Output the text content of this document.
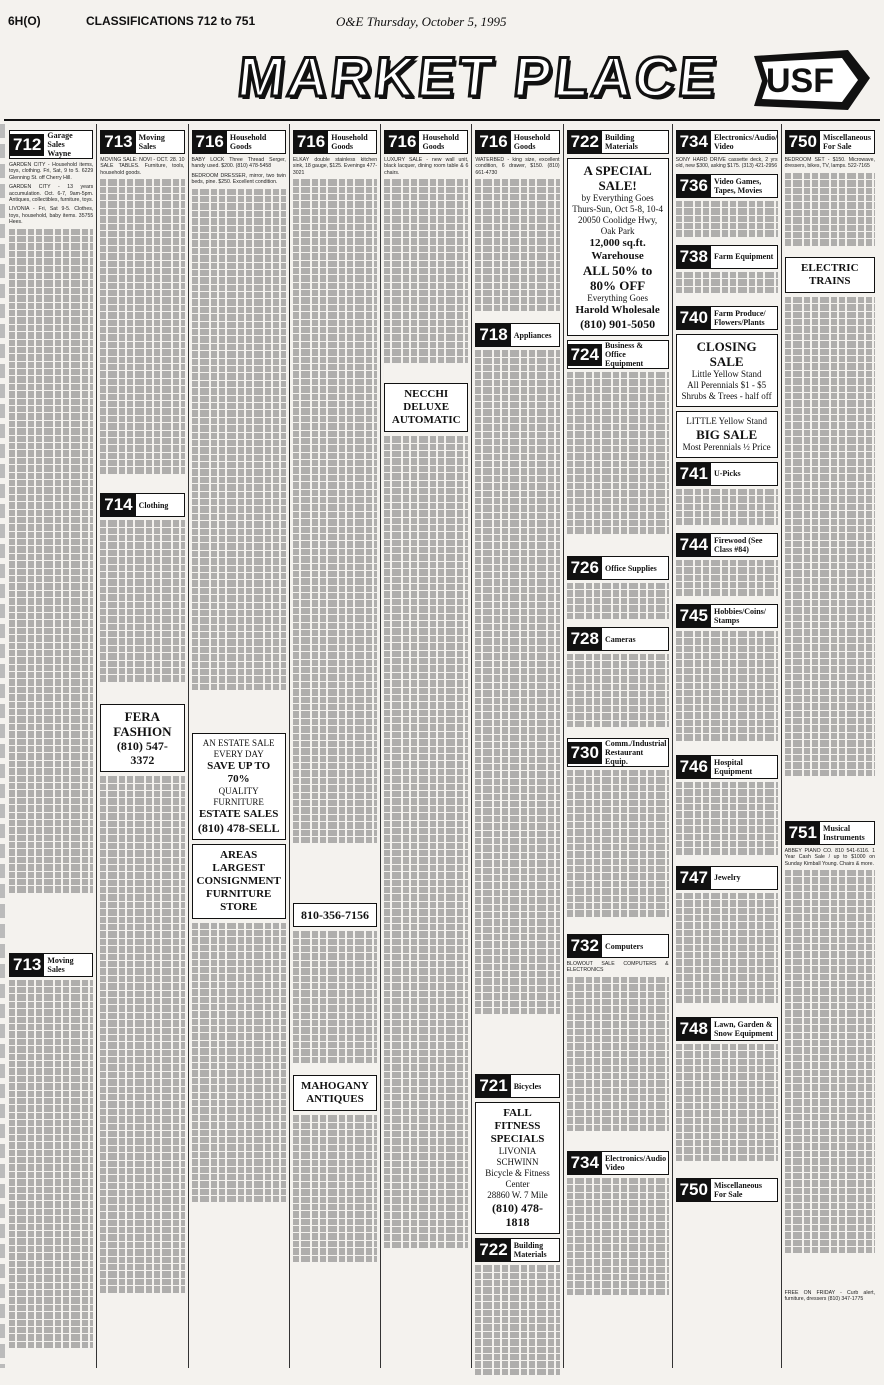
6H(O)	CLASSIFICATIONS 712 to 751	O&E Thursday, October 5, 1995
MARKET PLACE USF
712 Garage Sales Wayne

GARDEN CITY - Household items, toys, clothing. Fri, Sat, 9 to 5. 6229 Glenning St. off Cherry Hill.

GARDEN CITY - 13 years accumulation. Oct. 6-7, 9am-5pm. Antiques, collectibles, furniture, toys.

LIVONIA - Fri, Sat 9-5. Clothes, toys, household, baby items. 35755 Hees.

713 Moving Sales
713 Moving Sales

MOVING SALE: NOVI - OCT. 28. 10 SALE TABLES. Furniture, tools, household goods.

714 Clothing
FERA FASHION
(810) 547-3372
716 Household Goods

BABY LOCK Three Thread Serger, handy used. $200. (810) 478-5458

BEDROOM DRESSER, mirror, two twin beds, pine. $250. Excellent condition.

AN ESTATE SALE
EVERY DAY
SAVE UP TO 70%
QUALITY FURNITURE
ESTATE SALES
(810) 478-SELL
AREAS LARGEST
CONSIGNMENT
FURNITURE STORE
716 Household Goods

ELKAY double stainless kitchen sink, 18 gauge, $125. Evenings 477-3021

810-356-7156
MAHOGANY
ANTIQUES
716 Household Goods

LUXURY SALE - new wall unit, black lacquer, dining room table & 6 chairs.

NECCHI DELUXE
AUTOMATIC
716 Household Goods

WATERBED - king size, excellent condition, 6 drawer, $150. (810) 661-4730

718 Appliances
721 Bicycles
FALL FITNESS
SPECIALS
LIVONIA SCHWINN
Bicycle & Fitness Center
28860 W. 7 Mile
(810) 478-1818
722 Building Materials
722 Building Materials
A SPECIAL SALE!
by Everything Goes
Thurs-Sun, Oct 5-8, 10-4
20050 Coolidge Hwy, Oak Park
12,000 sq.ft. Warehouse
ALL 50% to 80% OFF
Everything Goes
Harold Wholesale
(810) 901-5050
724 Business & Office Equipment
726 Office Supplies
728 Cameras
730 Comm./Industrial Restaurant Equip.
732 Computers

BLOWOUT SALE COMPUTERS & ELECTRONICS

734 Electronics/Audio Video
734 Electronics/Audio/ Video

SONY HARD DRIVE cassette deck, 2 yrs old, new $300, asking $175. (313) 421-2956

736 Video Games, Tapes, Movies
738 Farm Equipment
740 Farm Produce/ Flowers/Plants
CLOSING SALE
Little Yellow Stand
All Perennials $1 - $5
Shrubs & Trees - half off
LITTLE Yellow Stand
BIG SALE
Most Perennials ½ Price
741 U-Picks
744 Firewood (See Class #84)
745 Hobbies/Coins/ Stamps
746 Hospital Equipment
747 Jewelry
748 Lawn, Garden & Snow Equipment
750 Miscellaneous For Sale
750 Miscellaneous For Sale

BEDROOM SET - $150. Microwave, dressers, bikes, TV, lamps. 522-7165

ELECTRIC TRAINS
751 Musical Instruments

ABBEY PIANO CO. 810 541-6116. 1 Year Cash Sale / up to $1000 on Sunday Kimball Young. Chairs & more.

FREE ON FRIDAY - Curb alert, furniture, dressers (810) 347-1775
